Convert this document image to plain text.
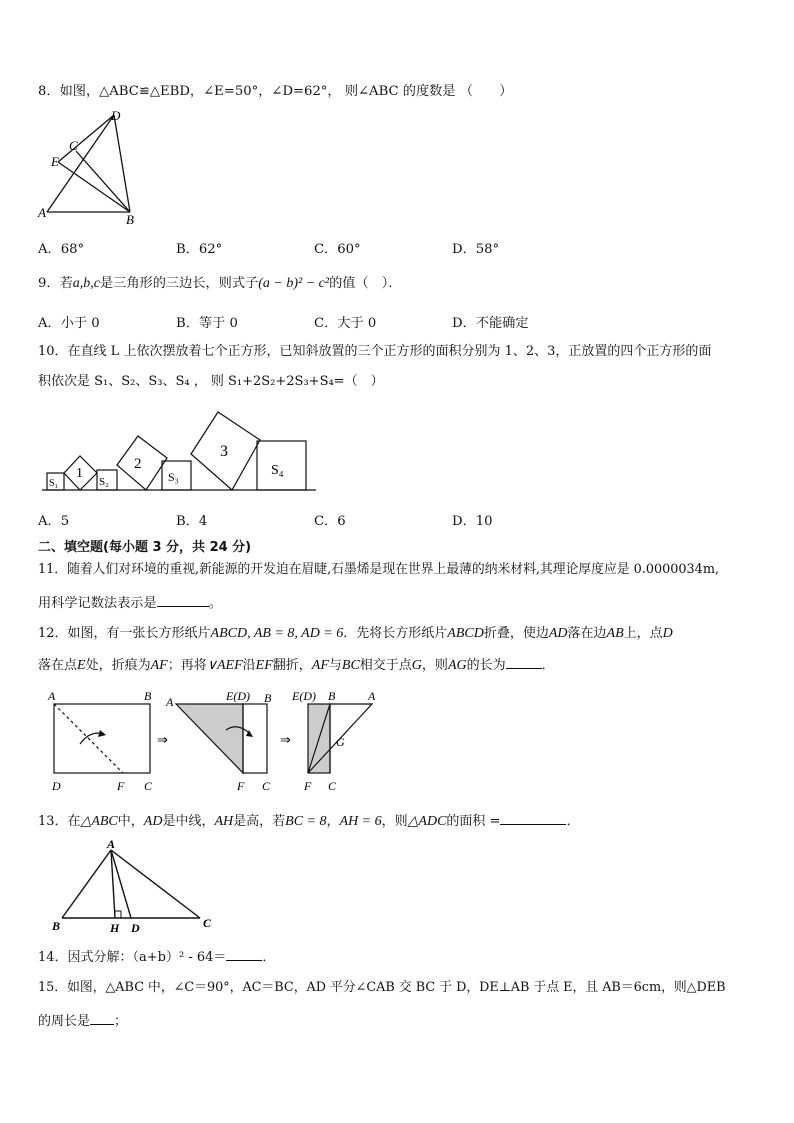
8．如图，△ABC≌△EBD，∠E=50°，∠D=62°， 则∠ABC 的度数是 （　　）
D
C
E
A	B
A．68°	B．62°	C．60°	D．58°
9．若a,b,c是三角形的三边长，则式子(a − b)² − c²的值（　）．
A．小于 0	B．等于 0	C．大于 0	D．不能确定
10．在直线 L 上依次摆放着七个正方形，已知斜放置的三个正方形的面积分别为 1、2、3，正放置的四个正方形的面
积依次是 S₁、S₂、S₃、S₄ ， 则 S₁+2S₂+2S₃+S₄=（　）
S₁
1
S₂
2
S₃
3
S₄
A．5	B．4	C．6	D．10
二、填空题(每小题 3 分，共 24 分)
11．随着人们对环境的重视,新能源的开发迫在眉睫,石墨烯是现在世界上最薄的纳米材料,其理论厚度应是 0.0000034m,
用科学记数法表示是	。
12．如图，有一张长方形纸片ABCD, AB = 8, AD = 6．先将长方形纸片ABCD折叠，使边AD落在边AB上，点D
落在点E处，折痕为AF；再将∨AEF沿EF翻折，AF与BC相交于点G，则AG的长为	．
A	B
D	F C
⇒
A	E(D) B
F C
⇒
E(D) B	A
G
F C
13．在△ABC中，AD是中线，AH是高，若BC = 8，AH = 6，则△ADC的面积 =	．
A
B	H D	C
14．因式分解：（a+b）² - 64＝	．
15．如图，△ABC 中，∠C＝90°，AC＝BC，AD 平分∠CAB 交 BC 于 D，DE⊥AB 于点 E，且 AB＝6cm，则△DEB
的周长是 ；
